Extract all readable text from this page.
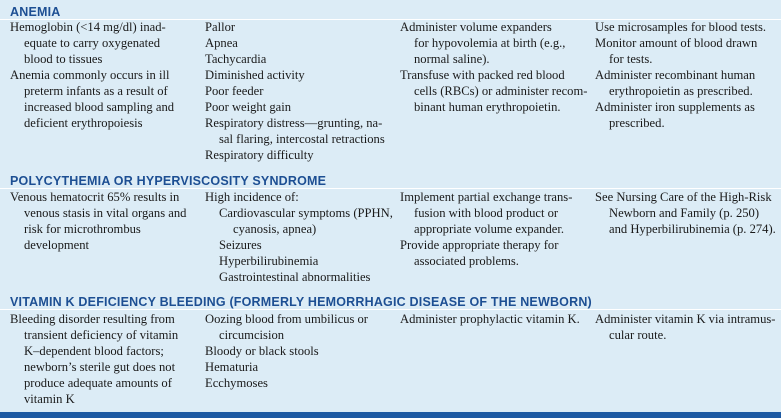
ANEMIA
Hemoglobin (<14 mg/dl) inad-
equate to carry oxygenated
blood to tissues
Anemia commonly occurs in ill
preterm infants as a result of
increased blood sampling and
deficient erythropoiesis
Pallor
Apnea
Tachycardia
Diminished activity
Poor feeder
Poor weight gain
Respiratory distress—grunting, na-
sal flaring, intercostal retractions
Respiratory difficulty
Administer volume expanders
for hypovolemia at birth (e.g.,
normal saline).
Transfuse with packed red blood
cells (RBCs) or administer recom-
binant human erythropoietin.
Use microsamples for blood tests.
Monitor amount of blood drawn
for tests.
Administer recombinant human
erythropoietin as prescribed.
Administer iron supplements as
prescribed.
POLYCYTHEMIA OR HYPERVISCOSITY SYNDROME
Venous hematocrit 65% results in
venous stasis in vital organs and
risk for microthrombus
development
High incidence of:
Cardiovascular symptoms (PPHN,
cyanosis, apnea)
Seizures
Hyperbilirubinemia
Gastrointestinal abnormalities
Implement partial exchange trans-
fusion with blood product or
appropriate volume expander.
Provide appropriate therapy for
associated problems.
See Nursing Care of the High-Risk
Newborn and Family (p. 250)
and Hyperbilirubinemia (p. 274).
VITAMIN K DEFICIENCY BLEEDING (FORMERLY HEMORRHAGIC DISEASE OF THE NEWBORN)
Bleeding disorder resulting from
transient deficiency of vitamin
K–dependent blood factors;
newborn’s sterile gut does not
produce adequate amounts of
vitamin K
Oozing blood from umbilicus or
circumcision
Bloody or black stools
Hematuria
Ecchymoses
Administer prophylactic vitamin K.	Administer vitamin K via intramus-
cular route.
